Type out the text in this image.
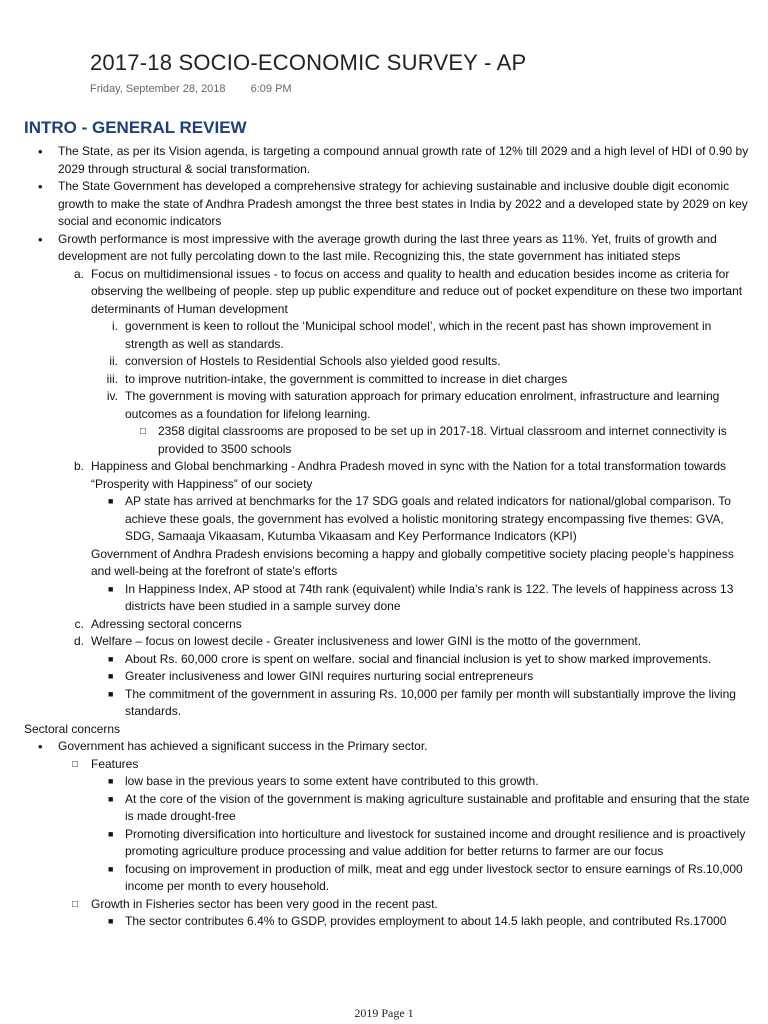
2017-18 SOCIO-ECONOMIC SURVEY - AP
Friday, September 28, 2018 6:09 PM
INTRO - GENERAL REVIEW
•	The State, as per its Vision agenda, is targeting a compound annual growth rate of 12% till 2029 and a high level of HDI of 0.90 by 2029 through structural & social transformation.
•	The State Government has developed a comprehensive strategy for achieving sustainable and inclusive double digit economic growth to make the state of Andhra Pradesh amongst the three best states in India by 2022 and a developed state by 2029 on key social and economic indicators
•	Growth performance is most impressive with the average growth during the last three years as 11%. Yet, fruits of growth and development are not fully percolating down to the last mile. Recognizing this, the state government has initiated steps
a. Focus on multidimensional issues - to focus on access and quality to health and education besides income as criteria for observing the wellbeing of people. step up public expenditure and reduce out of pocket expenditure on these two important determinants of Human development
i. government is keen to rollout the ‘Municipal school model’, which in the recent past has shown improvement in strength as well as standards.
ii. conversion of Hostels to Residential Schools also yielded good results.
iii. to improve nutrition-intake, the government is committed to increase in diet charges
iv. The government is moving with saturation approach for primary education enrolment, infrastructure and learning outcomes as a foundation for lifelong learning.
□ 2358 digital classrooms are proposed to be set up in 2017-18. Virtual classroom and internet connectivity is provided to 3500 schools
b. Happiness and Global benchmarking - Andhra Pradesh moved in sync with the Nation for a total transformation towards “Prosperity with Happiness” of our society
■ AP state has arrived at benchmarks for the 17 SDG goals and related indicators for national/global comparison. To achieve these goals, the government has evolved a holistic monitoring strategy encompassing five themes: GVA, SDG, Samaaja Vikaasam, Kutumba Vikaasam and Key Performance Indicators (KPI)
Government of Andhra Pradesh envisions becoming a happy and globally competitive society placing people’s happiness and well-being at the forefront of state's efforts
■ In Happiness Index, AP stood at 74th rank (equivalent) while India’s rank is 122. The levels of happiness across 13 districts have been studied in a sample survey done
c. Adressing sectoral concerns
d. Welfare – focus on lowest decile - Greater inclusiveness and lower GINI is the motto of the government.
■ About Rs. 60,000 crore is spent on welfare. social and financial inclusion is yet to show marked improvements.
■ Greater inclusiveness and lower GINI requires nurturing social entrepreneurs
■ The commitment of the government in assuring Rs. 10,000 per family per month will substantially improve the living standards.
Sectoral concerns
•	Government has achieved a significant success in the Primary sector.
□	Features
■ low base in the previous years to some extent have contributed to this growth.
■ At the core of the vision of the government is making agriculture sustainable and profitable and ensuring that the state is made drought-free
■ Promoting diversification into horticulture and livestock for sustained income and drought resilience and is proactively promoting agriculture produce processing and value addition for better returns to farmer are our focus
■ focusing on improvement in production of milk, meat and egg under livestock sector to ensure earnings of Rs.10,000 income per month to every household.
□	Growth in Fisheries sector has been very good in the recent past.
■ The sector contributes 6.4% to GSDP, provides employment to about 14.5 lakh people, and contributed Rs.17000
2019 Page 1
